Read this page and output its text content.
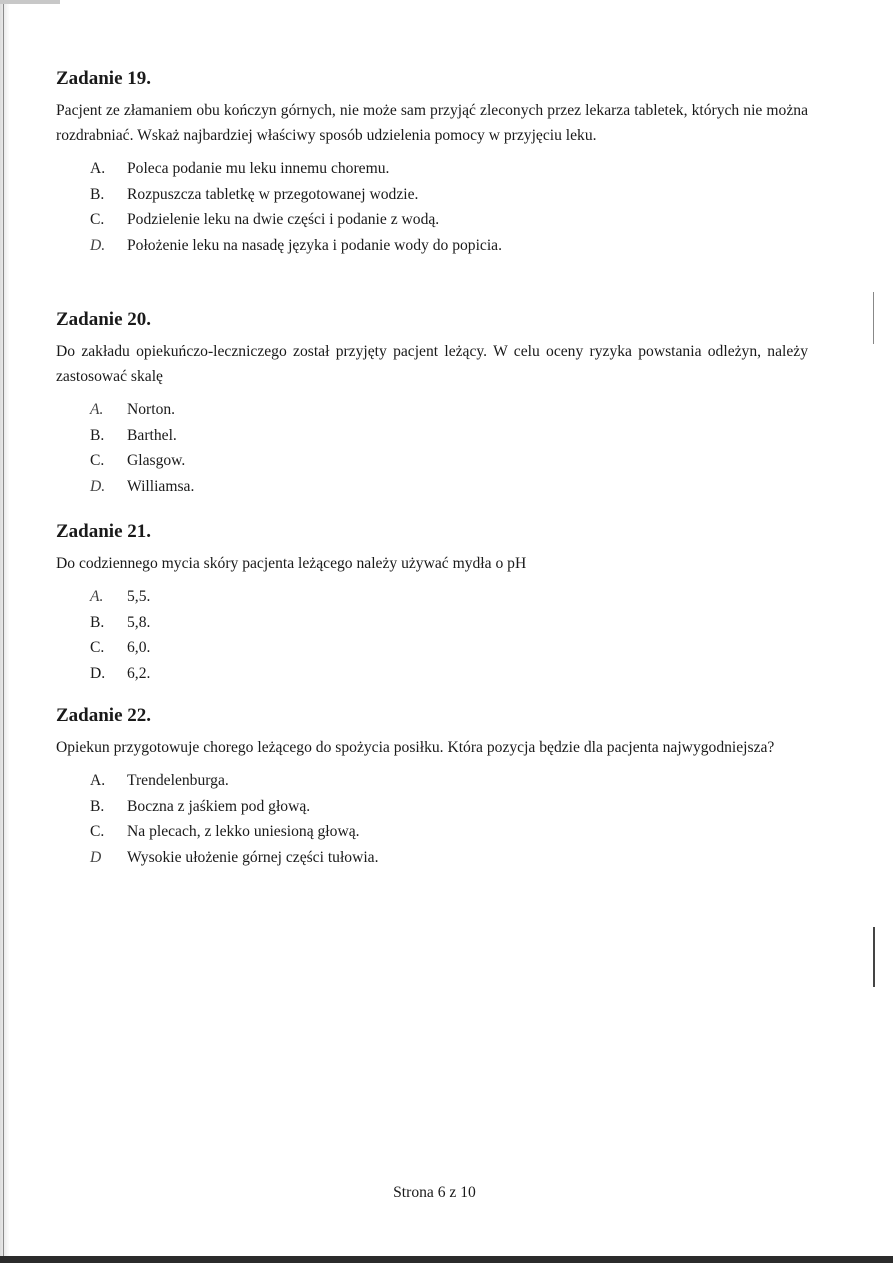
Zadanie 19.

Pacjent ze złamaniem obu kończyn górnych, nie może sam przyjąć zleconych przez lekarza tabletek, których nie można rozdrabniać. Wskaż najbardziej właściwy sposób udzielenia pomocy w przyjęciu leku.

A.	Poleca podanie mu leku innemu choremu.
B.	Rozpuszcza tabletkę w przegotowanej wodzie.
C.	Podzielenie leku na dwie części i podanie z wodą.
D.	Położenie leku na nasadę języka i podanie wody do popicia.
Zadanie 20.

Do zakładu opiekuńczo-leczniczego został przyjęty pacjent leżący. W celu oceny ryzyka powstania odleżyn, należy zastosować skalę

A.	Norton.
B.	Barthel.
C.	Glasgow.
D.	Williamsa.
Zadanie 21.

Do codziennego mycia skóry pacjenta leżącego należy używać mydła o pH

A.	5,5.
B.	5,8.
C.	6,0.
D.	6,2.
Zadanie 22.

Opiekun przygotowuje chorego leżącego do spożycia posiłku. Która pozycja będzie dla pacjenta najwygodniejsza?

A.	Trendelenburga.
B.	Boczna z jaśkiem pod głową.
C.	Na plecach, z lekko uniesioną głową.
D	Wysokie ułożenie górnej części tułowia.
Strona 6 z 10
